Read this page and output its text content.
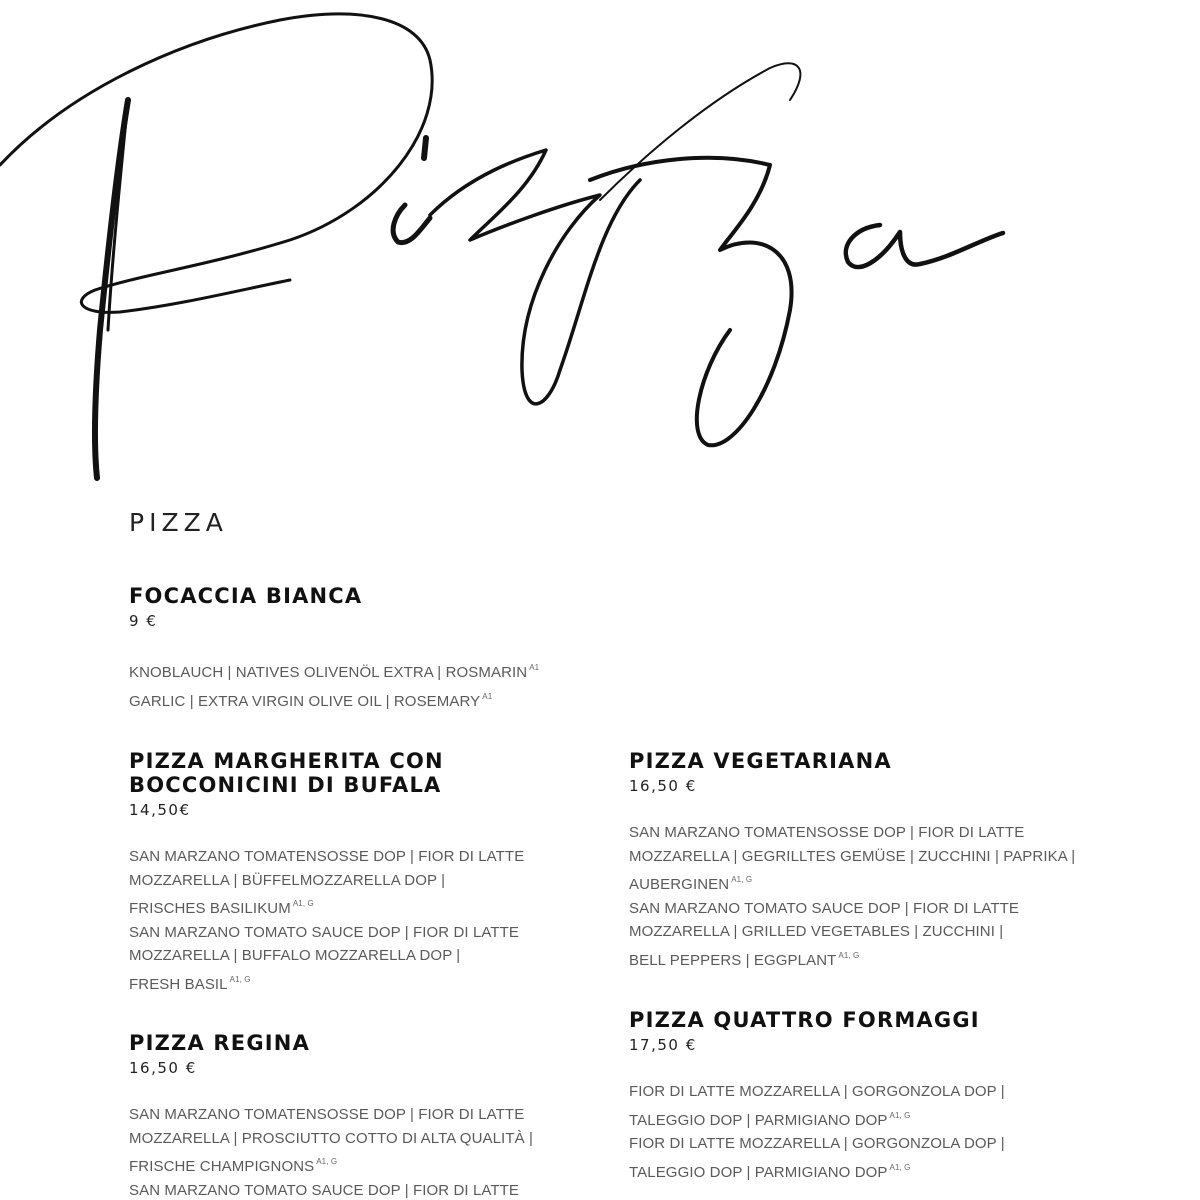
PIZZA
FOCACCIA BIANCA
9 €
KNOBLAUCH | NATIVES OLIVENÖL EXTRA | ROSMARIN $^{A1}$
GARLIC | EXTRA VIRGIN OLIVE OIL | ROSEMARY $^{A1}$
PIZZA MARGHERITA CON BOCCONICINI DI BUFALA
14,50€
SAN MARZANO TOMATENSOSSE DOP | FIOR DI LATTE
MOZZARELLA | BÜFFELMOZZARELLA DOP |
FRISCHES BASILIKUM $^{A1, G}$
SAN MARZANO TOMATO SAUCE DOP | FIOR DI LATTE
MOZZARELLA | BUFFALO MOZZARELLA DOP |
FRESH BASIL $^{A1, G}$
PIZZA REGINA
16,50 €
SAN MARZANO TOMATENSOSSE DOP | FIOR DI LATTE
MOZZARELLA | PROSCIUTTO COTTO DI ALTA QUALITÀ |
FRISCHE CHAMPIGNONS $^{A1, G}$
SAN MARZANO TOMATO SAUCE DOP | FIOR DI LATTE
PIZZA VEGETARIANA
16,50 €
SAN MARZANO TOMATENSOSSE DOP | FIOR DI LATTE
MOZZARELLA | GEGRILLTES GEMÜSE | ZUCCHINI | PAPRIKA |
AUBERGINEN $^{A1, G}$
SAN MARZANO TOMATO SAUCE DOP | FIOR DI LATTE
MOZZARELLA | GRILLED VEGETABLES | ZUCCHINI |
BELL PEPPERS | EGGPLANT $^{A1, G}$
PIZZA QUATTRO FORMAGGI
17,50 €
FIOR DI LATTE MOZZARELLA | GORGONZOLA DOP |
TALEGGIO DOP | PARMIGIANO DOP $^{A1, G}$
FIOR DI LATTE MOZZARELLA | GORGONZOLA DOP |
TALEGGIO DOP | PARMIGIANO DOP $^{A1, G}$
